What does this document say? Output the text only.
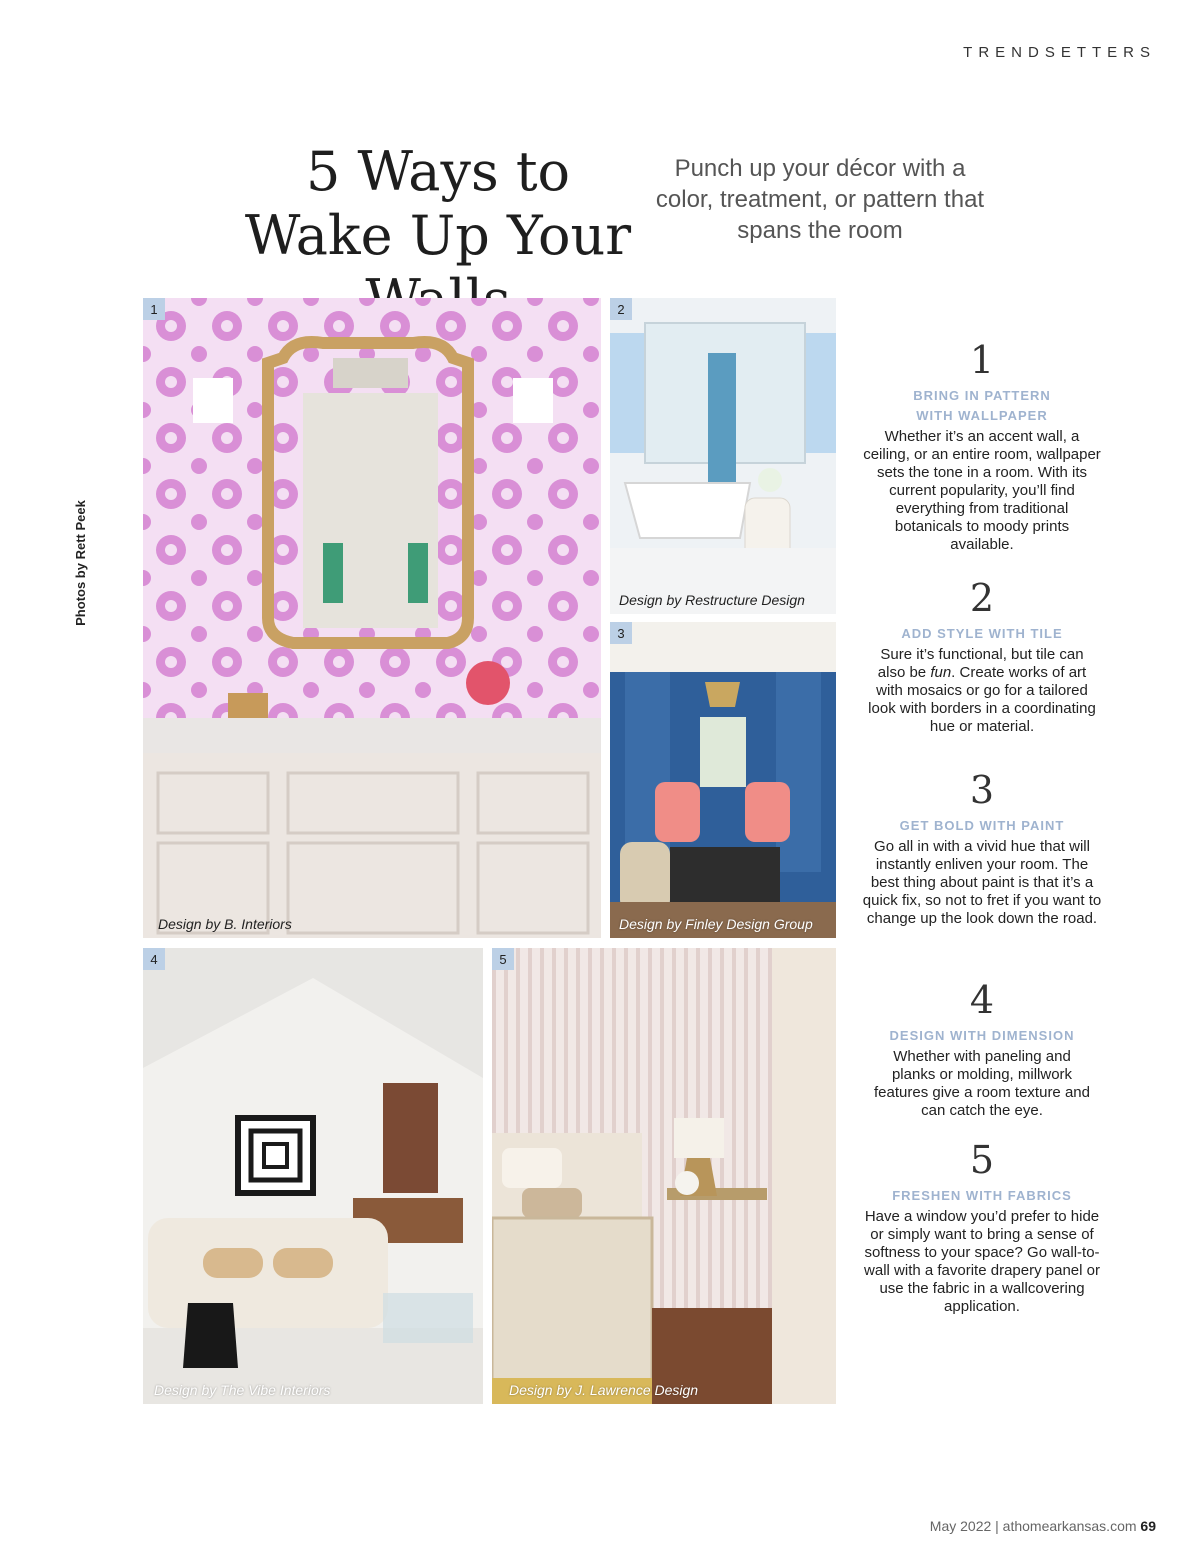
TRENDSETTERS
5 Ways to Wake Up Your
Punch up your décor with a color, treatment, or pattern that spans the room
Photos by Rett Peek
1
Design by B. Interiors
2
Design by Restructure Design
3
Design by Finley Design Group
4
Design by The Vibe Interiors
5
Design by J. Lawrence Design
1
BRING IN PATTERN WITH WALLPAPER
Whether it’s an accent wall, a ceiling, or an entire room, wallpaper sets the tone in a room. With its current popularity, you’ll find everything from traditional botanicals to moody prints available.
2
ADD STYLE WITH TILE
Sure it’s functional, but tile can also be fun. Create works of art with mosaics or go for a tailored look with borders in a coordinating hue or material.
3
GET BOLD WITH PAINT
Go all in with a vivid hue that will instantly enliven your room. The best thing about paint is that it’s a quick fix, so not to fret if you want to change up the look down the road.
4
DESIGN WITH DIMENSION
Whether with paneling and planks or molding, millwork features give a room texture and can catch the eye.
5
FRESHEN WITH FABRICS
Have a window you’d prefer to hide or simply want to bring a sense of softness to your space? Go wall-to-wall with a favorite drapery panel or use the fabric in a wallcovering application.
May 2022 | athomearkansas.com 69
